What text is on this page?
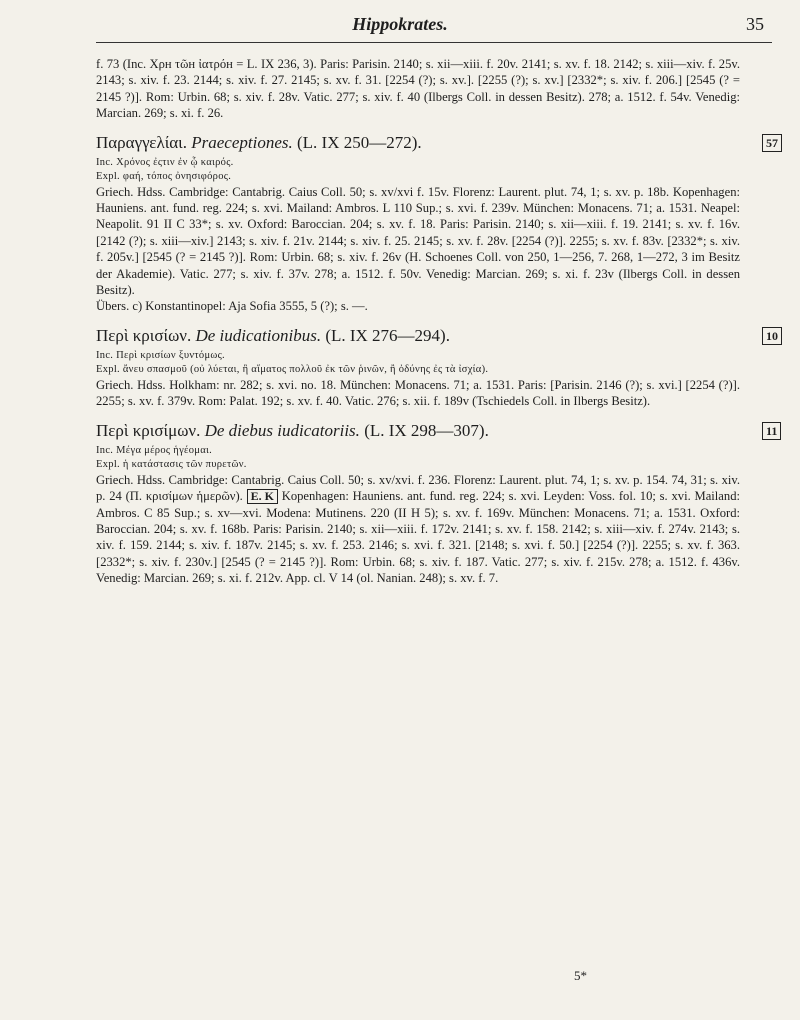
Hippokrates.	35

f. 73 (Inc. Xρн τῶн ἰατρόн = L. IX 236, 3). Paris: Parisin. 2140; s. xii—xiii. f. 20v. 2141; s. xv. f. 18. 2142; s. xiii—xiv. f. 25v. 2143; s. xiv. f. 23. 2144; s. xiv. f. 27. 2145; s. xv. f. 31. [2254 (?); s. xv.]. [2255 (?); s. xv.] [2332*; s. xiv. f. 206.] [2545 (? = 2145 ?)]. Rom: Urbin. 68; s. xiv. f. 28v. Vatic. 277; s. xiv. f. 40 (Ilbergs Coll. in dessen Besitz). 278; a. 1512. f. 54v. Venedig: Marcian. 269; s. xi. f. 26.

Παραγγελίαι. Praeceptiones. (L. IX 250—272).	57

Inc. Χρόνος ἐςτιν ἐν ᾧ καιρός.

Expl. φαή, τόπος ὀνησιφόρος.

Griech. Hdss. Cambridge: Cantabrig. Caius Coll. 50; s. xv/xvi f. 15v. Florenz: Laurent. plut. 74, 1; s. xv. p. 18b. Kopenhagen: Hauniens. ant. fund. reg. 224; s. xvi. Mailand: Ambros. L 110 Sup.; s. xvi. f. 239v. München: Monacens. 71; a. 1531. Neapel: Neapolit. 91 II C 33*; s. xv. Oxford: Baroccian. 204; s. xv. f. 18. Paris: Parisin. 2140; s. xii—xiii. f. 19. 2141; s. xv. f. 16v. [2142 (?); s. xiii—xiv.] 2143; s. xiv. f. 21v. 2144; s. xiv. f. 25. 2145; s. xv. f. 28v. [2254 (?)]. 2255; s. xv. f. 83v. [2332*; s. xiv. f. 205v.] [2545 (? = 2145 ?)]. Rom: Urbin. 68; s. xiv. f. 26v (H. Schoenes Coll. von 250, 1—256, 7. 268, 1—272, 3 im Besitz der Akademie). Vatic. 277; s. xiv. f. 37v. 278; a. 1512. f. 50v. Venedig: Marcian. 269; s. xi. f. 23v (Ilbergs Coll. in dessen Besitz).

Übers. c) Konstantinopel: Aja Sofia 3555, 5 (?); s. —.

Περὶ κρισίων. De iudicationibus. (L. IX 276—294).	10

Inc. Περὶ κρισίων ξυντόμως.

Expl. ἄνευ σπασμοῦ (οὐ λύεται, ἢ αἵματος πολλοῦ ἐκ τῶν ῥινῶν, ἢ ὀδύνης ἐς τὰ ἰσχία).

Griech. Hdss. Holkham: nr. 282; s. xvi. no. 18. München: Monacens. 71; a. 1531. Paris: [Parisin. 2146 (?); s. xvi.] [2254 (?)]. 2255; s. xv. f. 379v. Rom: Palat. 192; s. xv. f. 40. Vatic. 276; s. xii. f. 189v (Tschiedels Coll. in Ilbergs Besitz).

Περὶ κρισίμων. De diebus iudicatoriis. (L. IX 298—307).	11

Inc. Μέγα μέρος ἡγέομαι.

Expl. ἡ κατάστασις τῶν πυρετῶν.

Griech. Hdss. Cambridge: Cantabrig. Caius Coll. 50; s. xv/xvi. f. 236. Florenz: Laurent. plut. 74, 1; s. xv. p. 154. 74, 31; s. xiv. p. 24 (Π. κρισίμων ἡμερῶν). E. K Kopenhagen: Hauniens. ant. fund. reg. 224; s. xvi. Leyden: Voss. fol. 10; s. xvi. Mailand: Ambros. C 85 Sup.; s. xv—xvi. Modena: Mutinens. 220 (II H 5); s. xv. f. 169v. München: Monacens. 71; a. 1531. Oxford: Baroccian. 204; s. xv. f. 168b. Paris: Parisin. 2140; s. xii—xiii. f. 172v. 2141; s. xv. f. 158. 2142; s. xiii—xiv. f. 274v. 2143; s. xiv. f. 159. 2144; s. xiv. f. 187v. 2145; s. xv. f. 253. 2146; s. xvi. f. 321. [2148; s. xvi. f. 50.] [2254 (?)]. 2255; s. xv. f. 363. [2332*; s. xiv. f. 230v.] [2545 (? = 2145 ?)]. Rom: Urbin. 68; s. xiv. f. 187. Vatic. 277; s. xiv. f. 215v. 278; a. 1512. f. 436v. Venedig: Marcian. 269; s. xi. f. 212v. App. cl. V 14 (ol. Nanian. 248); s. xv. f. 7.

5*
